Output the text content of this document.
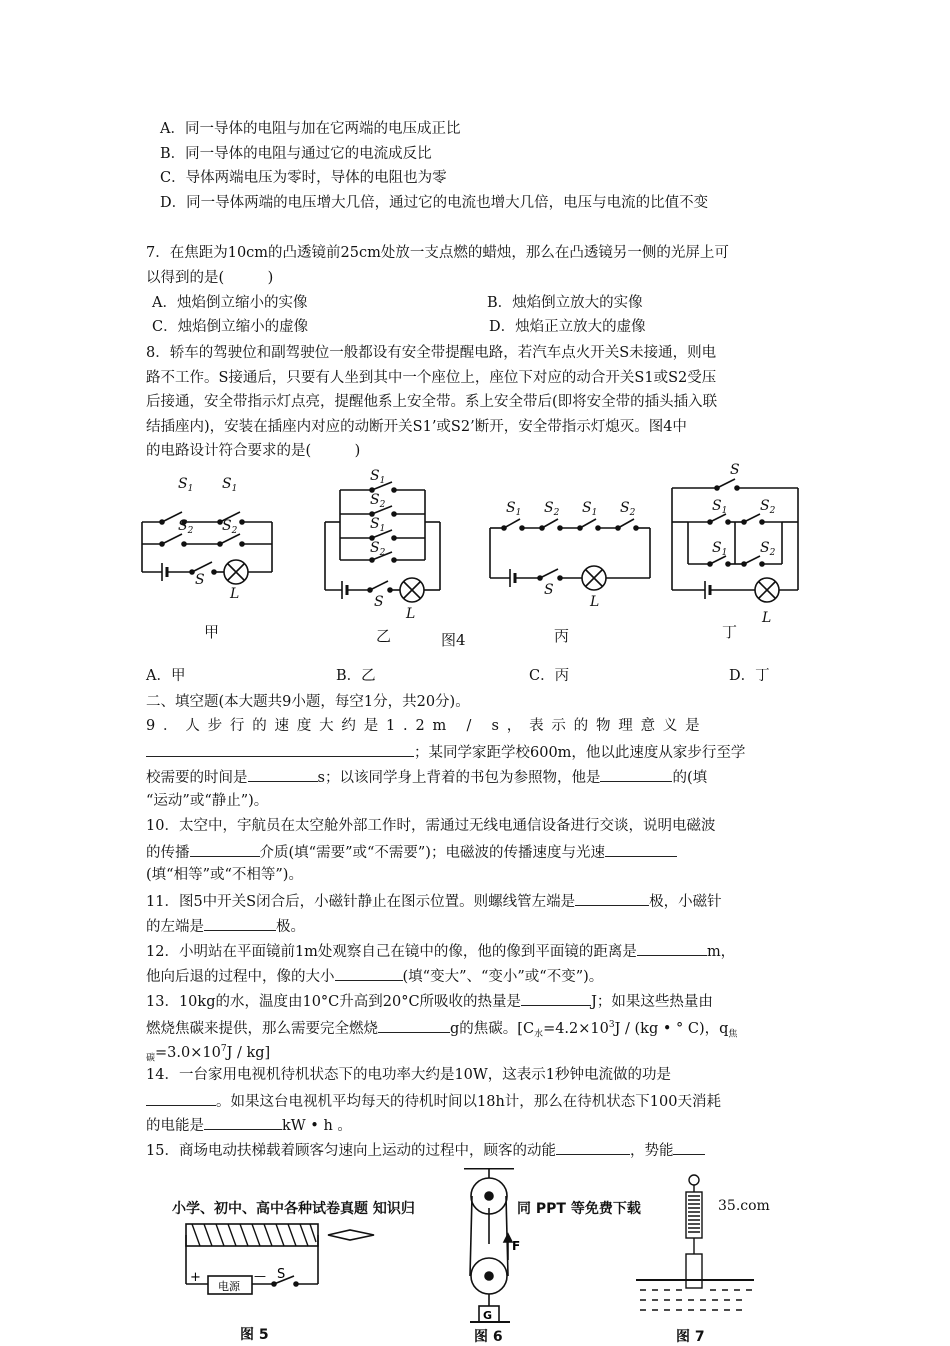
A．同一导体的电阻与加在它两端的电压成正比
B．同一导体的电阻与通过它的电流成反比
C．导体两端电压为零时，导体的电阻也为零
D．同一导体两端的电压增大几倍，通过它的电流也增大几倍，电压与电流的比值不变
7．在焦距为10cm的凸透镜前25cm处放一支点燃的蜡烛，那么在凸透镜另一侧的光屏上可
以得到的是(　　　)
A．烛焰倒立缩小的实像	B．烛焰倒立放大的实像
C．烛焰倒立缩小的虚像	D．烛焰正立放大的虚像
8．轿车的驾驶位和副驾驶位一般都设有安全带提醒电路，若汽车点火开关S未接通，则电
路不工作。S接通后，只要有人坐到其中一个座位上，座位下对应的动合开关S1或S2受压
后接通，安全带指示灯点亮，提醒他系上安全带。系上安全带后(即将安全带的插头插入联
结插座内)，安装在插座内对应的动断开关S1’或S2’断开，安全带指示灯熄灭。图4中
的电路设计符合要求的是(　　　)
$S_1$ $S_1$
$S_2$ $S_2$
S
L
$S_1$
$S_2$
$S_1$
$S_2$
S
L
$S_1$ $S_2$ $S_1$ $S_2$
S
L
S
$S_1$ $S_2$
$S_1$ $S_2$
L
甲	乙	图4	丙	丁
A．甲	B．乙	C．丙	D．丁
二、填空题(本大题共9小题，每空1分，共20分)。
9．人步行的速度大约是1.2m / s，表示的物理意义是
；某同学家距学校600m，他以此速度从家步行至学
校需要的时间是	s；以该同学身上背着的书包为参照物，他是	的(填
“运动”或“静止”)。
10．太空中，宇航员在太空舱外部工作时，需通过无线电通信设备进行交谈，说明电磁波
的传播	介质(填“需要”或“不需要”)；电磁波的传播速度与光速
(填“相等”或“不相等”)。
11．图5中开关S闭合后，小磁针静止在图示位置。则螺线管左端是	极，小磁针
的左端是	极。
12．小明站在平面镜前1m处观察自己在镜中的像，他的像到平面镜的距离是	m，
他向后退的过程中，像的大小	(填“变大”、“变小”或“不变”)。
13．10kg的水，温度由10°C升高到20°C所吸收的热量是	J；如果这些热量由
燃烧焦碳来提供，那么需要完全燃烧	g的焦碳。[$C_水=4.2\times 10^3J / (kg$ • ° C)，$q_焦$
$_碳=3.0\times 10^7J / kg$]
14．一台家用电视机待机状态下的电功率大约是10W，这表示1秒钟电流做的功是
。如果这台电视机平均每天的待机时间以18h计，那么在待机状态下100天消耗
的电能是	kW • h 。
15．商场电动扶梯载着顾客匀速向上运动的过程中，顾客的动能	，势能
+
电源
— S
F
G
小学、初中、高中各种试卷真题 知识归	同 PPT 等免费下载	35.com
图 5	图 6	图 7
